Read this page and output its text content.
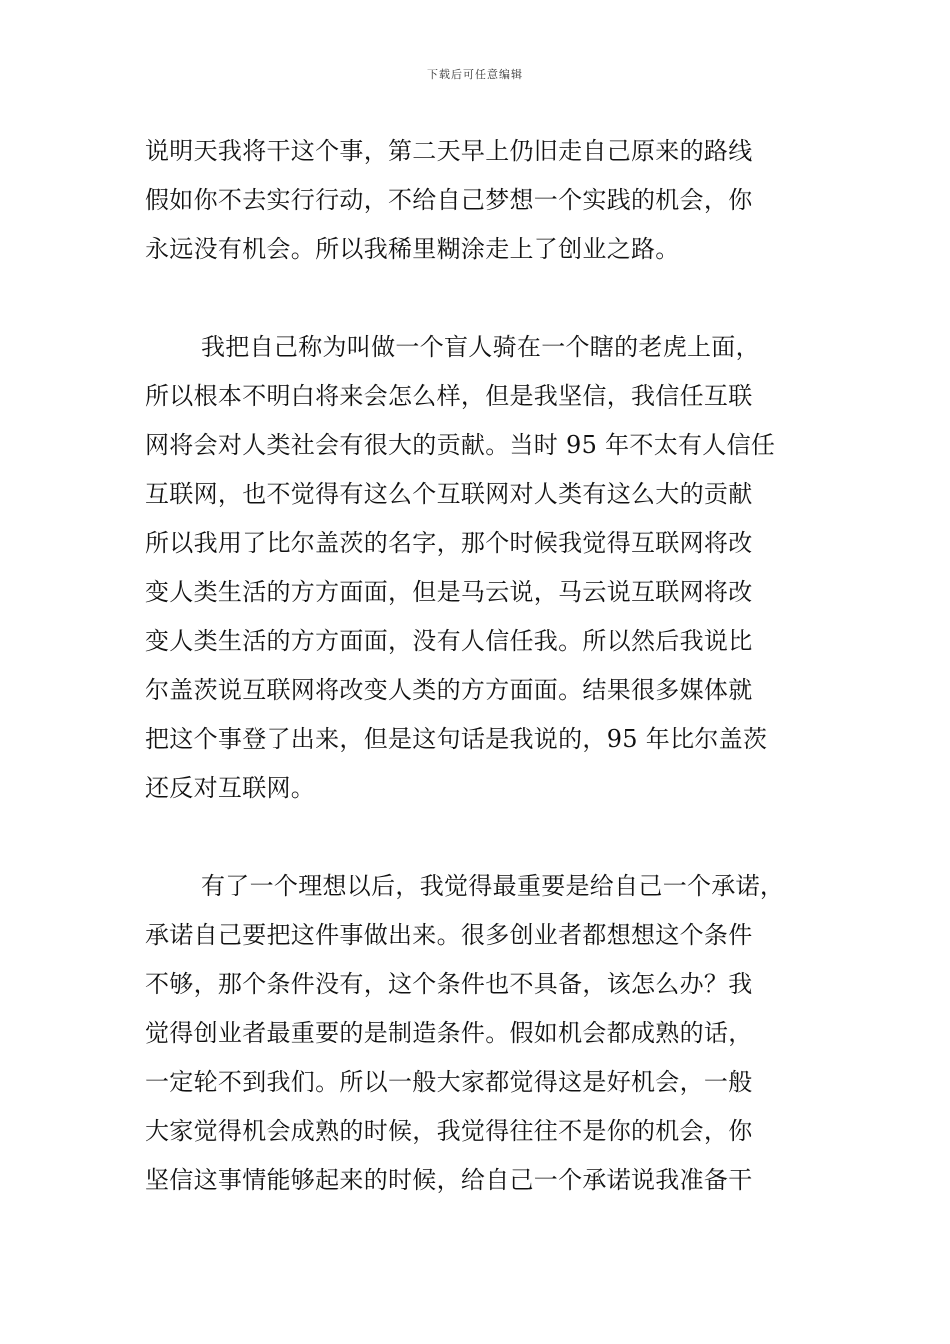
下载后可任意编辑
说明天我将干这个事，第二天早上仍旧走自己原来的路线
假如你不去实行行动，不给自己梦想一个实践的机会，你
永远没有机会。所以我稀里糊涂走上了创业之路。
我把自己称为叫做一个盲人骑在一个瞎的老虎上面，
所以根本不明白将来会怎么样，但是我坚信，我信任互联
网将会对人类社会有很大的贡献。当时 95 年不太有人信任
互联网，也不觉得有这么个互联网对人类有这么大的贡献
所以我用了比尔盖茨的名字，那个时候我觉得互联网将改
变人类生活的方方面面，但是马云说，马云说互联网将改
变人类生活的方方面面，没有人信任我。所以然后我说比
尔盖茨说互联网将改变人类的方方面面。结果很多媒体就
把这个事登了出来，但是这句话是我说的，95 年比尔盖茨
还反对互联网。
有了一个理想以后，我觉得最重要是给自己一个承诺，
承诺自己要把这件事做出来。很多创业者都想想这个条件
不够，那个条件没有，这个条件也不具备，该怎么办？我
觉得创业者最重要的是制造条件。假如机会都成熟的话，
一定轮不到我们。所以一般大家都觉得这是好机会，一般
大家觉得机会成熟的时候，我觉得往往不是你的机会，你
坚信这事情能够起来的时候，给自己一个承诺说我准备干
